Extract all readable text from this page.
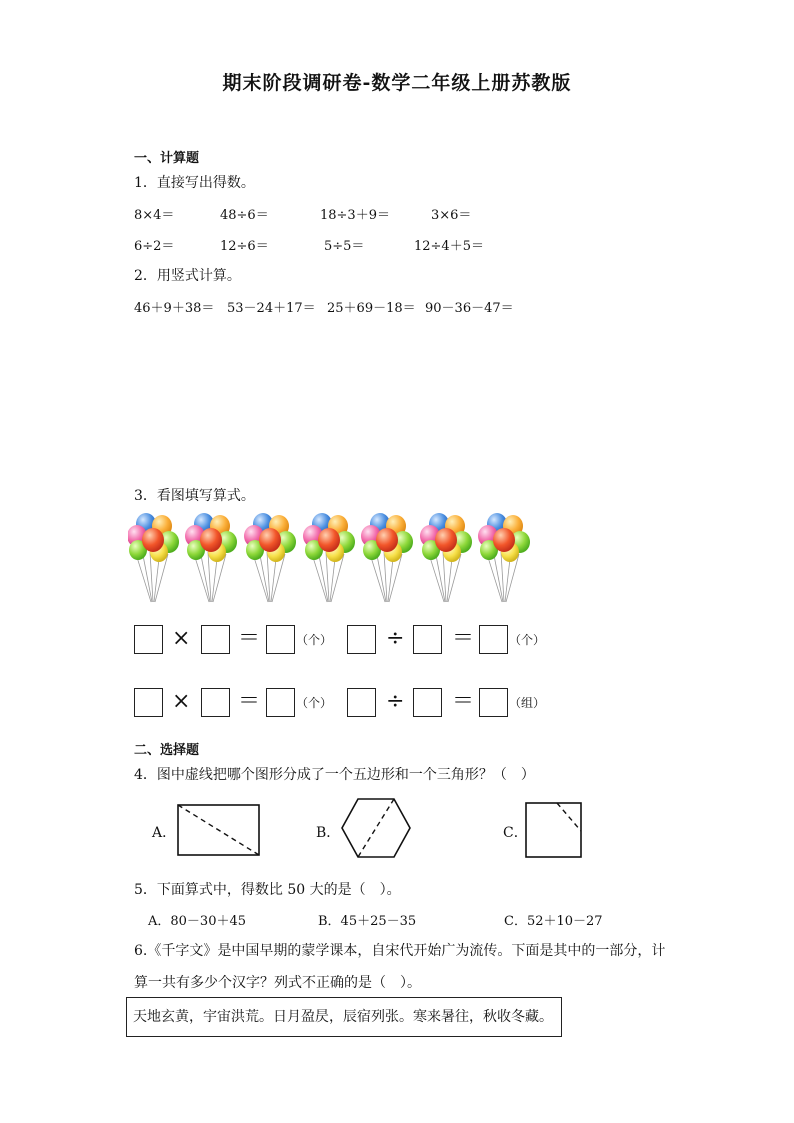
期末阶段调研卷-数学二年级上册苏教版
一、计算题
1．直接写出得数。
8×4＝	48÷6＝	18÷3＋9＝	3×6＝
6÷2＝	12÷6＝	5÷5＝	12÷4＋5＝
2．用竖式计算。
46＋9＋38＝ 53－24＋17＝ 25＋69－18＝ 90－36－47＝
3．看图填写算式。
× ＝	（个） ÷ ＝	（个）
× ＝	（个） ÷ ＝	（组）
二、选择题
4．图中虚线把哪个图形分成了一个五边形和一个三角形？（　）
A．	B．	C．
5．下面算式中，得数比 50 大的是（　）。
A．80－30＋45	B．45＋25－35	C．52＋10－27
6.《千字文》是中国早期的蒙学课本，自宋代开始广为流传。下面是其中的一部分，计
算一共有多少个汉字？列式不正确的是（　）。
天地玄黄，宇宙洪荒。日月盈昃，辰宿列张。寒来暑往，秋收冬藏。
